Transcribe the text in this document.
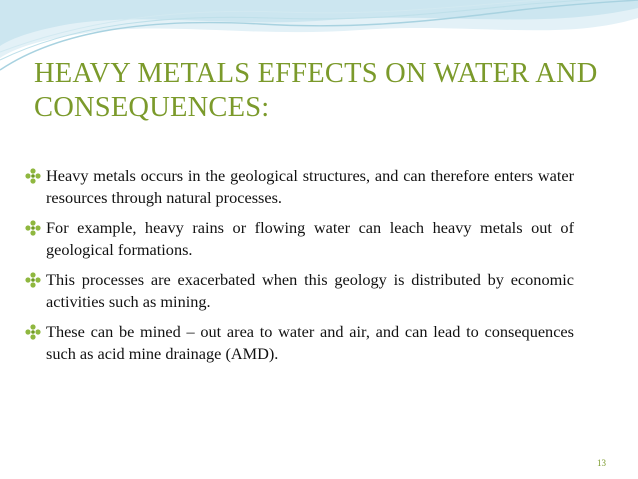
HEAVY METALS EFFECTS ON WATER AND CONSEQUENCES:
Heavy metals occurs in the geological structures, and can therefore enters water resources through natural processes.
For example, heavy rains or flowing water can leach heavy metals out of geological formations.
This processes are exacerbated when this geology is distributed by economic activities such as mining.
These can be mined – out area to water and air, and can lead to consequences such as acid mine drainage (AMD).
13
